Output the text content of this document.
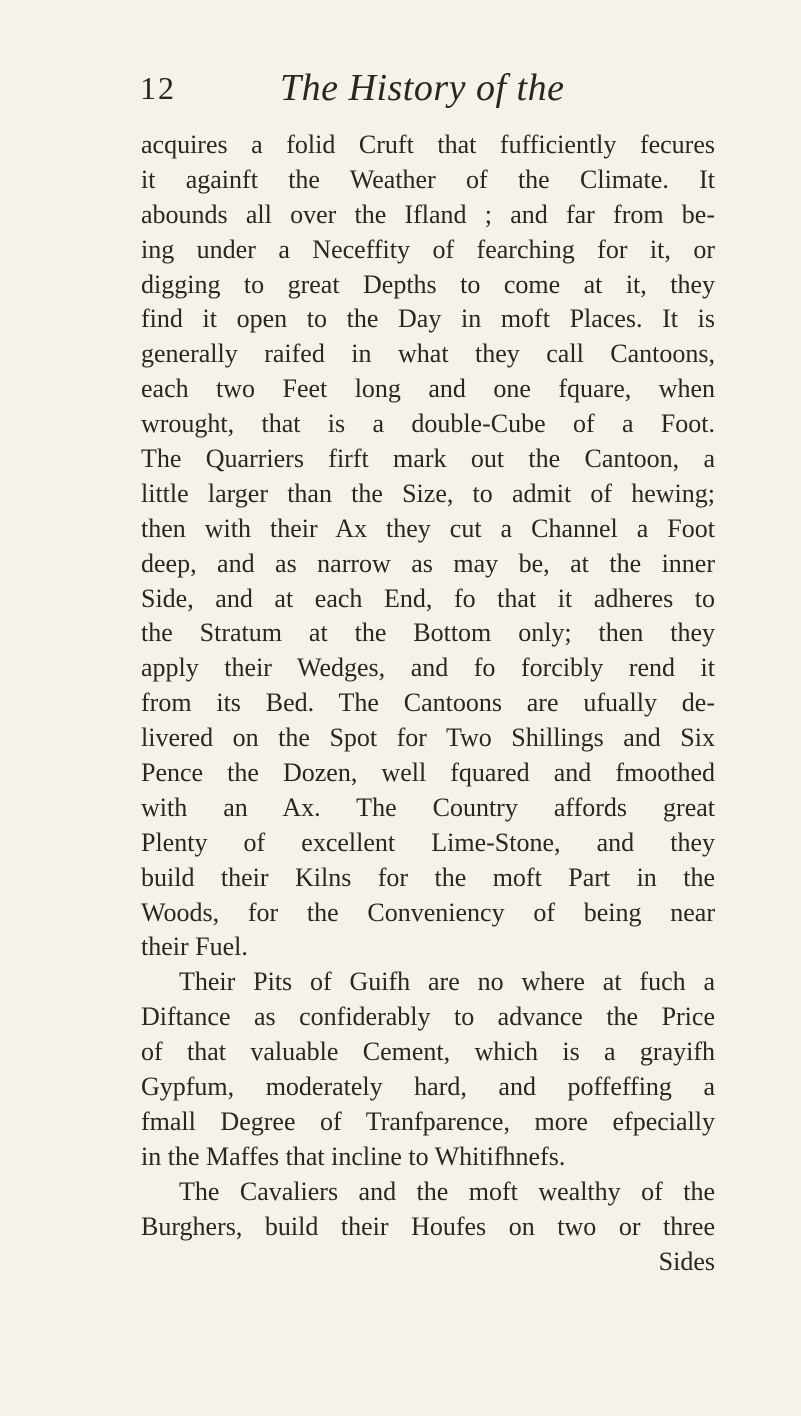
12	The History of the
acquires a folid Cruft that fufficiently fecures
it againft the Weather of the Climate. It
abounds all over the Ifland ; and far from be-
ing under a Neceffity of fearching for it, or
digging to great Depths to come at it, they
find it open to the Day in moft Places. It is
generally raifed in what they call Cantoons,
each two Feet long and one fquare, when
wrought, that is a double-Cube of a Foot.
The Quarriers firft mark out the Cantoon, a
little larger than the Size, to admit of hewing;
then with their Ax they cut a Channel a Foot
deep, and as narrow as may be, at the inner
Side, and at each End, fo that it adheres to
the Stratum at the Bottom only; then they
apply their Wedges, and fo forcibly rend it
from its Bed. The Cantoons are ufually de-
livered on the Spot for Two Shillings and Six
Pence the Dozen, well fquared and fmoothed
with an Ax. The Country affords great
Plenty of excellent Lime-Stone, and they
build their Kilns for the moft Part in the
Woods, for the Conveniency of being near
their Fuel.
Their Pits of Guifh are no where at fuch a
Diftance as confiderably to advance the Price
of that valuable Cement, which is a grayifh
Gypfum, moderately hard, and poffeffing a
fmall Degree of Tranfparence, more efpecially
in the Maffes that incline to Whitifhnefs.
The Cavaliers and the moft wealthy of the
Burghers, build their Houfes on two or three
Sides
